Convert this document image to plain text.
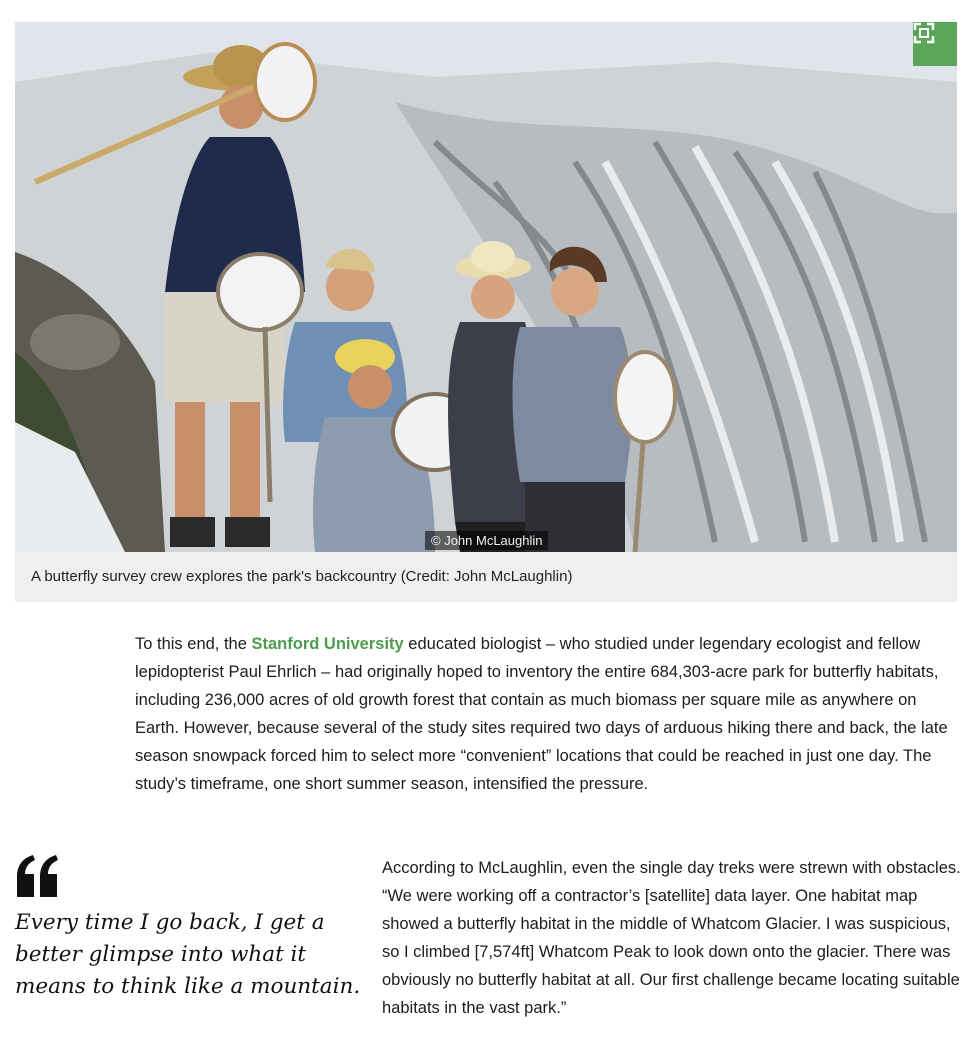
© John McLaughlin
A butterfly survey crew explores the park's backcountry (Credit: John McLaughlin)

To this end, the Stanford University educated biologist – who studied under legendary ecologist and fellow lepidopterist Paul Ehrlich – had originally hoped to inventory the entire 684,303-acre park for butterfly habitats, including 236,000 acres of old growth forest that contain as much biomass per square mile as anywhere on Earth. However, because several of the study sites required two days of arduous hiking there and back, the late season snowpack forced him to select more “convenient” locations that could be reached in just one day. The study’s timeframe, one short summer season, intensified the pressure.

Every time I go back, I get a better glimpse into what it means to think like a mountain.

According to McLaughlin, even the single day treks were strewn with obstacles. “We were working off a contractor’s [satellite] data layer. One habitat map showed a butterfly habitat in the middle of Whatcom Glacier. I was suspicious, so I climbed [7,574ft] Whatcom Peak to look down onto the glacier. There was obviously no butterfly habitat at all. Our first challenge became locating suitable habitats in the vast park.”
